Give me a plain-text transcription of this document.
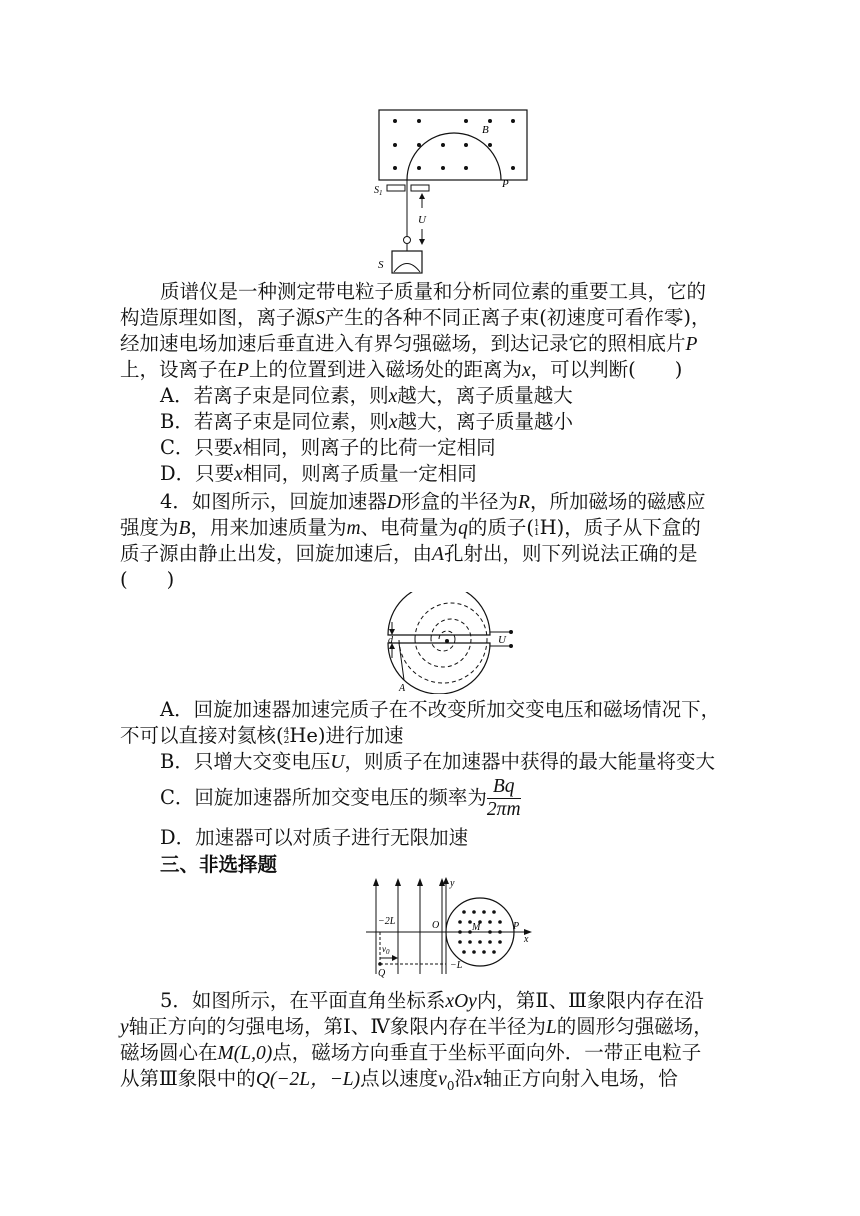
B
P
$S_1$
U
S

质谱仪是一种测定带电粒子质量和分析同位素的重要工具，它的

构造原理如图，离子源S产生的各种不同正离子束(初速度可看作零)，

经加速电场加速后垂直进入有界匀强磁场，到达记录它的照相底片P

上，设离子在P上的位置到进入磁场处的距离为x，可以判断(　　)

A．若离子束是同位素，则x越大，离子质量越大

B．若离子束是同位素，则x越大，离子质量越小

C．只要x相同，则离子的比荷一定相同

D．只要x相同，则离子质量一定相同

4．如图所示，回旋加速器D形盒的半径为R，所加磁场的磁感应

强度为B，用来加速质量为m、电荷量为q的质子( 1
1 H)，质子从下盒的

质子源由静止出发，回旋加速后，由A孔射出，则下列说法正确的是

(　　)

U
d
A

A．回旋加速器加速完质子在不改变所加交变电压和磁场情况下，

不可以直接对氦核( 4
2 He)进行加速

B．只增大交变电压U，则质子在加速器中获得的最大能量将变大

C．回旋加速器所加交变电压的频率为 $\frac{Bq}{2\pi m}$

D．加速器可以对质子进行无限加速

三、非选择题

y
x
O	M	P
−2L
−L
$v_0$
Q

5．如图所示，在平面直角坐标系xOy内，第Ⅱ、Ⅲ象限内存在沿

y轴正方向的匀强电场，第Ⅰ、Ⅳ象限内存在半径为L的圆形匀强磁场，

磁场圆心在M(L,0)点，磁场方向垂直于坐标平面向外．一带正电粒子

从第Ⅲ象限中的Q(−2L，−L)点以速度$v_0$沿x轴正方向射入电场，恰
